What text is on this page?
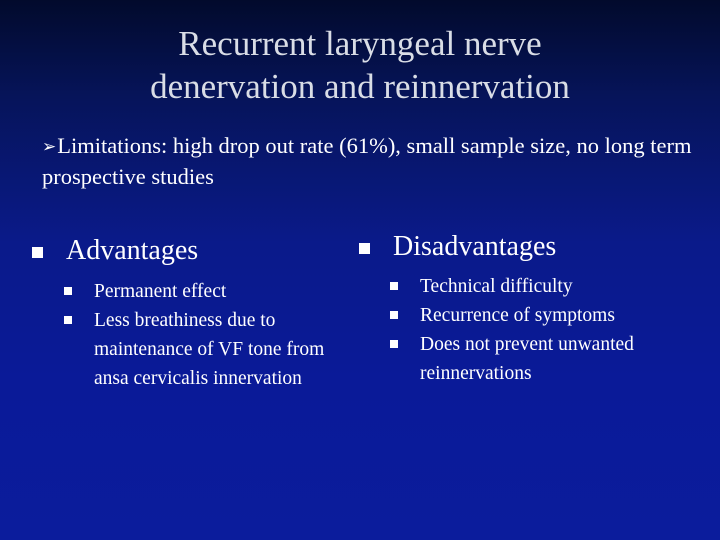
Recurrent laryngeal nerve
denervation and reinnervation
➢Limitations: high drop out rate (61%), small sample size, no long term prospective studies
Advantages
Permanent effect
Less breathiness due to maintenance of VF tone from ansa cervicalis innervation
Disadvantages
Technical difficulty
Recurrence of symptoms
Does not prevent unwanted reinnervations
